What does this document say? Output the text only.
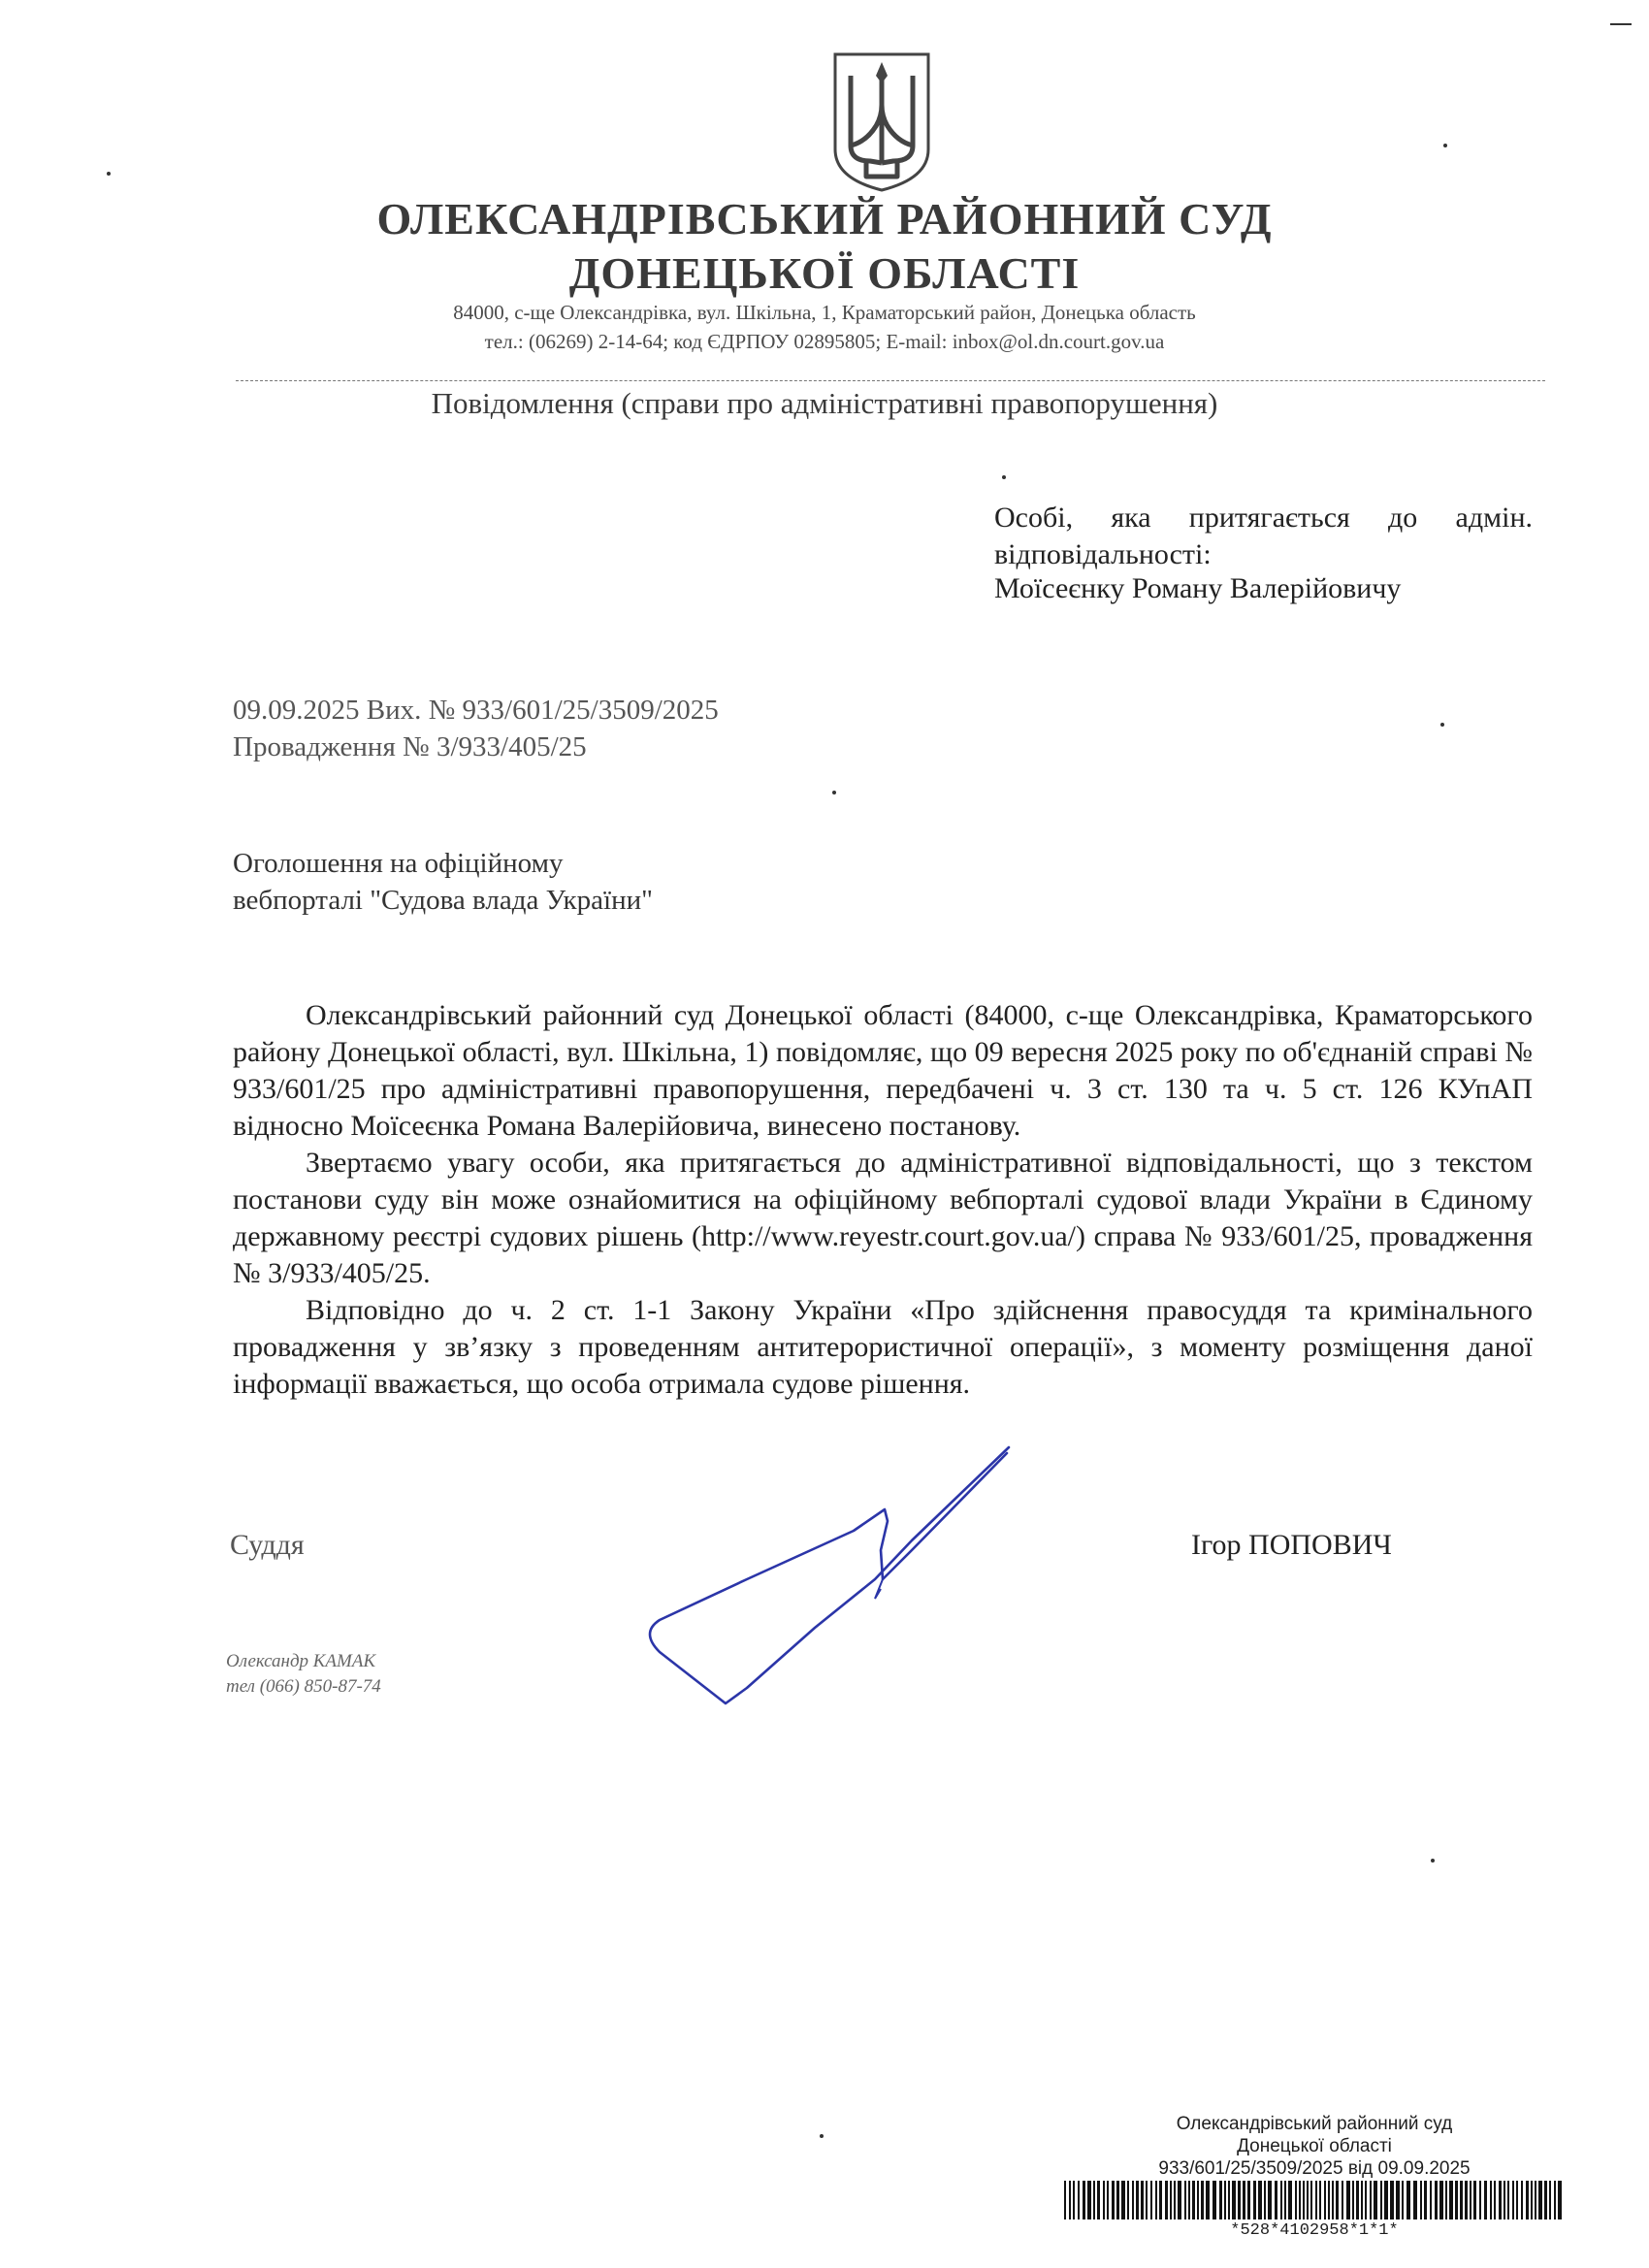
ОЛЕКСАНДРІВСЬКИЙ РАЙОННИЙ СУД
ДОНЕЦЬКОЇ ОБЛАСТІ
84000, с-ще Олександрівка, вул. Шкільна, 1, Краматорський район, Донецька область
тел.: (06269) 2-14-64; код ЄДРПОУ 02895805; E-mail: inbox@ol.dn.court.gov.ua
Повідомлення (справи про адміністративні правопорушення)
Особі, яка притягається до адмін. відповідальності:
Моїсеєнку Роману Валерійовичу
09.09.2025 Вих. № 933/601/25/3509/2025
Провадження № 3/933/405/25
Оголошення на офіційному
вебпорталі "Судова влада України"

Олександрівський районний суд Донецької області (84000, с-ще Олександрівка, Краматорського району Донецької області, вул. Шкільна, 1) повідомляє, що 09 вересня 2025 року по об'єднаній справі № 933/601/25 про адміністративні правопорушення, передбачені ч. 3 ст. 130 та ч. 5 ст. 126 КУпАП відносно Моїсеєнка Романа Валерійовича, винесено постанову.

Звертаємо увагу особи, яка притягається до адміністративної відповідальності, що з текстом постанови суду він може ознайомитися на офіційному вебпорталі судової влади України в Єдиному державному реєстрі судових рішень (http://www.reyestr.court.gov.ua/) справа № 933/601/25, провадження № 3/933/405/25.

Відповідно до ч. 2 ст. 1-1 Закону України «Про здійснення правосуддя та кримінального провадження у зв’язку з проведенням антитерористичної операції», з моменту розміщення даної інформації вважається, що особа отримала судове рішення.

Суддя	Ігор ПОПОВИЧ
Олександр КАМАК
тел (066) 850-87-74
Олександрівський районний суд
Донецької області
933/601/25/3509/2025 від 09.09.2025
*528*4102958*1*1*
